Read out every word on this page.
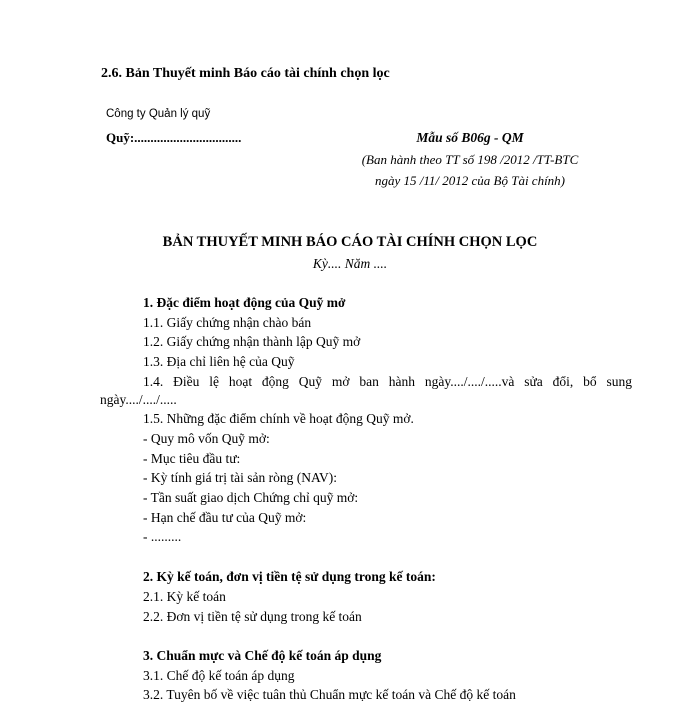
2.6. Bản Thuyết minh Báo cáo tài chính chọn lọc
Công ty Quản lý quỹ
Quỹ:.................................	Mẫu số B06g - QM
(Ban hành theo TT số 198 /2012 /TT-BTC
ngày 15 /11/ 2012 của Bộ Tài chính)
BẢN THUYẾT MINH BÁO CÁO TÀI CHÍNH CHỌN LỌC
Kỳ.... Năm ....
1. Đặc điểm hoạt động của Quỹ mở
1.1. Giấy chứng nhận chào bán
1.2. Giấy chứng nhận thành lập Quỹ mở
1.3. Địa chỉ liên hệ của Quỹ
1.4. Điều lệ hoạt động Quỹ mở ban hành ngày..../..../.....và sửa đổi, bổ sung
ngày..../..../.....
1.5. Những đặc điểm chính về hoạt động Quỹ mở.
- Quy mô vốn Quỹ mở:
- Mục tiêu đầu tư:
- Kỳ tính giá trị tài sản ròng (NAV):
- Tần suất giao dịch Chứng chỉ quỹ mở:
- Hạn chế đầu tư của Quỹ mở:
- .........
2. Kỳ kế toán, đơn vị tiền tệ sử dụng trong kế toán:
2.1. Kỳ kế toán
2.2. Đơn vị tiền tệ sử dụng trong kế toán
3. Chuẩn mực và Chế độ kế toán áp dụng
3.1. Chế độ kế toán áp dụng
3.2. Tuyên bố về việc tuân thủ Chuẩn mực kế toán và Chế độ kế toán
